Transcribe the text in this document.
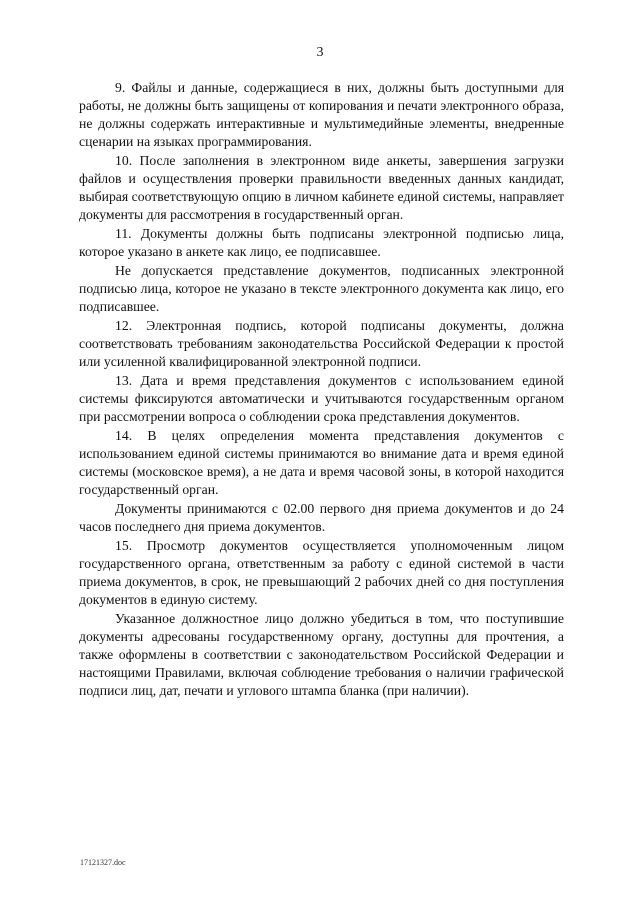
3

9. Файлы и данные, содержащиеся в них, должны быть доступными для работы, не должны быть защищены от копирования и печати электронного образа, не должны содержать интерактивные и мультимедийные элементы, внедренные сценарии на языках программирования.

10. После заполнения в электронном виде анкеты, завершения загрузки файлов и осуществления проверки правильности введенных данных кандидат, выбирая соответствующую опцию в личном кабинете единой системы, направляет документы для рассмотрения в государственный орган.

11. Документы должны быть подписаны электронной подписью лица, которое указано в анкете как лицо, ее подписавшее.

Не допускается представление документов, подписанных электронной подписью лица, которое не указано в тексте электронного документа как лицо, его подписавшее.

12. Электронная подпись, которой подписаны документы, должна соответствовать требованиям законодательства Российской Федерации к простой или усиленной квалифицированной электронной подписи.

13. Дата и время представления документов с использованием единой системы фиксируются автоматически и учитываются государственным органом при рассмотрении вопроса о соблюдении срока представления документов.

14. В целях определения момента представления документов с использованием единой системы принимаются во внимание дата и время единой системы (московское время), а не дата и время часовой зоны, в которой находится государственный орган.

Документы принимаются с 02.00 первого дня приема документов и до 24 часов последнего дня приема документов.

15. Просмотр документов осуществляется уполномоченным лицом государственного органа, ответственным за работу с единой системой в части приема документов, в срок, не превышающий 2 рабочих дней со дня поступления документов в единую систему.

Указанное должностное лицо должно убедиться в том, что поступившие документы адресованы государственному органу, доступны для прочтения, а также оформлены в соответствии с законодательством Российской Федерации и настоящими Правилами, включая соблюдение требования о наличии графической подписи лиц, дат, печати и углового штампа бланка (при наличии).

17121327.doc
